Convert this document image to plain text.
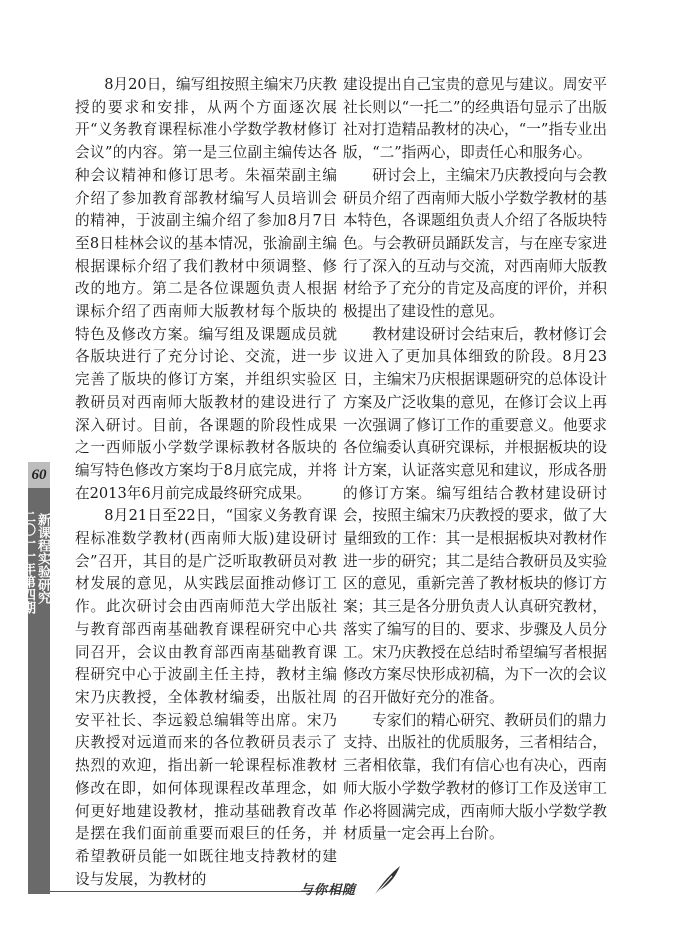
60
新课程实验研究
二〇一一年第四期

8月20日，编写组按照主编宋乃庆教授的要求和安排，从两个方面逐次展开“义务教育课程标准小学数学教材修订会议”的内容。第一是三位副主编传达各种会议精神和修订思考。朱福荣副主编介绍了参加教育部教材编写人员培训会的精神，于波副主编介绍了参加8月7日至8日桂林会议的基本情况，张渝副主编根据课标介绍了我们教材中须调整、修改的地方。第二是各位课题负责人根据课标介绍了西南师大版教材每个版块的特色及修改方案。编写组及课题成员就各版块进行了充分讨论、交流，进一步完善了版块的修订方案，并组织实验区教研员对西南师大版教材的建设进行了深入研讨。目前，各课题的阶段性成果之一西师版小学数学课标教材各版块的编写特色修改方案均于8月底完成，并将在2013年6月前完成最终研究成果。

8月21日至22日，“国家义务教育课程标准数学教材(西南师大版)建设研讨会”召开，其目的是广泛听取教研员对教材发展的意见，从实践层面推动修订工作。此次研讨会由西南师范大学出版社与教育部西南基础教育课程研究中心共同召开，会议由教育部西南基础教育课程研究中心于波副主任主持，教材主编宋乃庆教授，全体教材编委，出版社周安平社长、李远毅总编辑等出席。宋乃庆教授对远道而来的各位教研员表示了热烈的欢迎，指出新一轮课程标准教材修改在即，如何体现课程改革理念，如何更好地建设教材，推动基础教育改革是摆在我们面前重要而艰巨的任务，并希望教研员能一如既往地支持教材的建设与发展，为教材的

建设提出自己宝贵的意见与建议。周安平社长则以“一托二”的经典语句显示了出版社对打造精品教材的决心，“一”指专业出版，“二”指两心，即责任心和服务心。

研讨会上，主编宋乃庆教授向与会教研员介绍了西南师大版小学数学教材的基本特色，各课题组负责人介绍了各版块特色。与会教研员踊跃发言，与在座专家进行了深入的互动与交流，对西南师大版教材给予了充分的肯定及高度的评价，并积极提出了建设性的意见。

教材建设研讨会结束后，教材修订会议进入了更加具体细致的阶段。8月23日，主编宋乃庆根据课题研究的总体设计方案及广泛收集的意见，在修订会议上再一次强调了修订工作的重要意义。他要求各位编委认真研究课标，并根据板块的设计方案，认证落实意见和建议，形成各册的修订方案。编写组结合教材建设研讨会，按照主编宋乃庆教授的要求，做了大量细致的工作：其一是根据板块对教材作进一步的研究；其二是结合教研员及实验区的意见，重新完善了教材板块的修订方案；其三是各分册负责人认真研究教材，落实了编写的目的、要求、步骤及人员分工。宋乃庆教授在总结时希望编写者根据修改方案尽快形成初稿，为下一次的会议的召开做好充分的准备。

专家们的精心研究、教研员们的鼎力支持、出版社的优质服务，三者相结合，三者相依靠，我们有信心也有决心，西南师大版小学数学教材的修订工作及送审工作必将圆满完成，西南师大版小学数学教材质量一定会再上台阶。

与你相随
